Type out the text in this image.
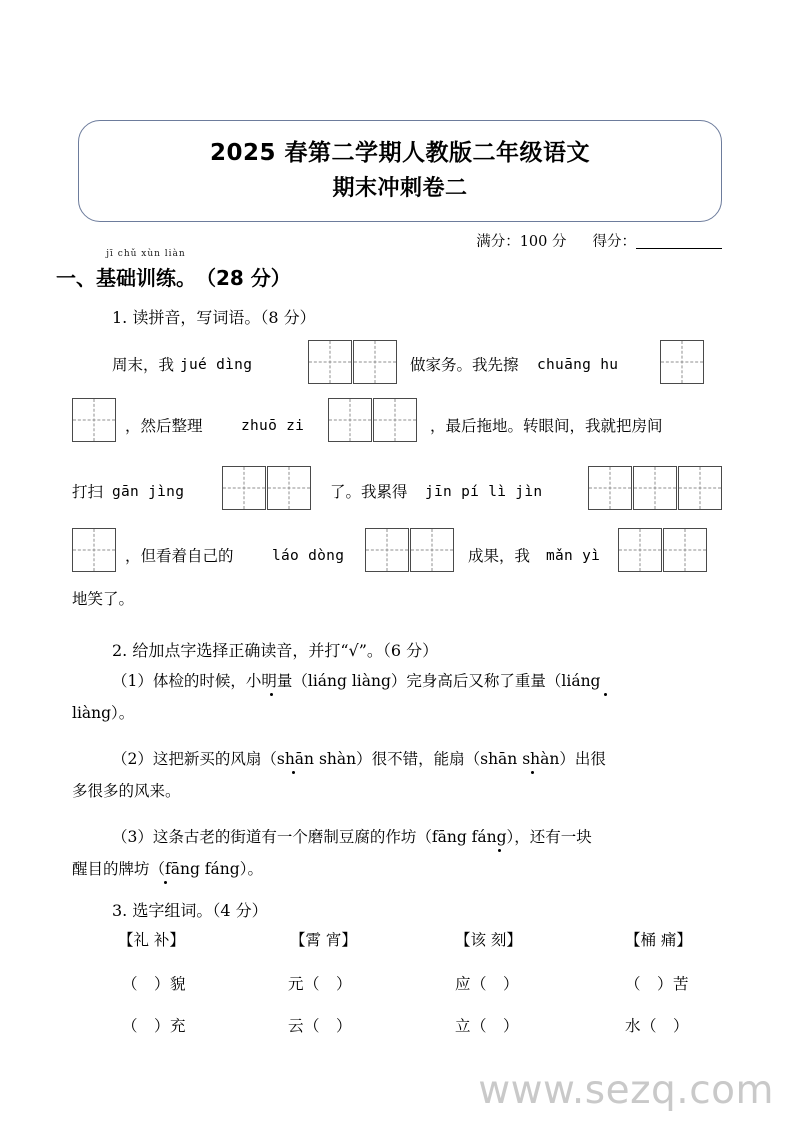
2025 春第二学期人教版二年级语文
期末冲刺卷二
满分：100 分 得分：
一、
jī chǔ xùn liàn
基础训练。（28 分）
1. 读拼音，写词语。（8 分）
周末，我 jué dìng	做家务。我先擦 chuāng hu
，然后整理	zhuō zi	，最后拖地。转眼间，我就把房间
打扫 gān jìng	了。我累得 jīn pí lì jìn
，但看着自己的	láo dòng	成果，我 mǎn yì
地笑了。
2. 给加点字选择正确读音，并打“√”。（6 分）
（1）体检的时候，小明量（liáng liàng）完身高后又称了重量（liáng
liàng）。
（2）这把新买的风扇（shān shàn）很不错，能扇（shān shàn）出很
多很多的风来。
（3）这条古老的街道有一个磨制豆腐的作坊（fāng fáng），还有一块
醒目的牌坊（fāng fáng）。
3. 选字组词。（4 分）
【礼 补】	【霄 宵】	【该 刻】	【桶 痛】
（　）貌	元（　）	应（　）	（　）苦
（　）充	云（　）	立（　）	水（　）
www.sezq.com
